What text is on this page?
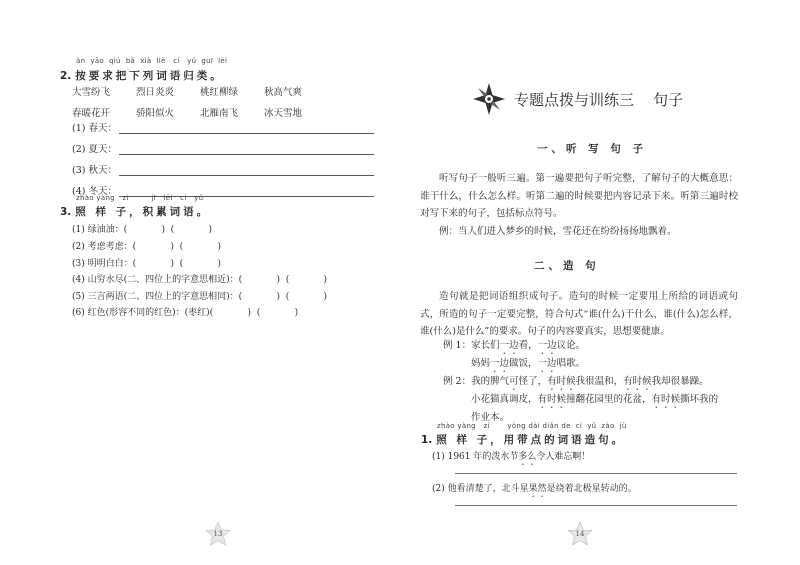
àn  yāo  qiú  bǎ  xià  liè   cí   yǔ  guī  lèi
2. 按要求把下列词语归类。
大雪纷飞	烈日炎炎	桃红柳绿	秋高气爽
春暖花开	骄阳似火	北雁南飞	冰天雪地
(1) 春天：
(2) 夏天：
(3) 秋天：
(4) 冬天：
zhào yàng   zi         jī   lěi   cí   yǔ
3. 照 样 子，积累词语。
(1) 绿油油：(            )  (            )
(2) 考虑考虑：(            )  (            )
(3) 明明白白：(            )  (            )
(4) 山穷水尽(二、四位上的字意思相近)：(            )  (            )
(5) 三言两语(二、四位上的字意思相同)：(            )  (            )
(6) 红色(形容不同的红色)：(枣红)(            )  (            )
13
专题点拨与训练三    句子
一、听 写 句 子
听写句子一般听三遍。第一遍要把句子听完整，了解句子的大概意思：谁干什么，什么怎么样。听第二遍的时候要把内容记录下来。听第三遍时校对写下来的句子，包括标点符号。
例：当人们进入梦乡的时候，雪花还在纷纷扬扬地飘着。
二、造 句
造句就是把词语组织成句子。造句的时候一定要用上所给的词语或句式，所造的句子一定要完整，符合句式“谁(什么)干什么，谁(什么)怎么样，谁(什么)是什么”的要求。句子的内容要真实，思想要健康。
例 1：家长们一边看，一边议论。
妈妈一边做饭，一边唱歌。
例 2：我的脾气可怪了，有时候我很温和，有时候我却很暴躁。
小花猫真调皮，有时候撞翻花园里的花盆，有时候撕坏我的
作业本。
zhào yàng   zi       yòng dài diǎn de  cí  yǔ  zào  jù
1. 照 样 子，用带点的词语造句。
(1) 1961 年的泼水节多么令人难忘啊！
(2) 他看清楚了，北斗星果然是绕着北极星转动的。
14
